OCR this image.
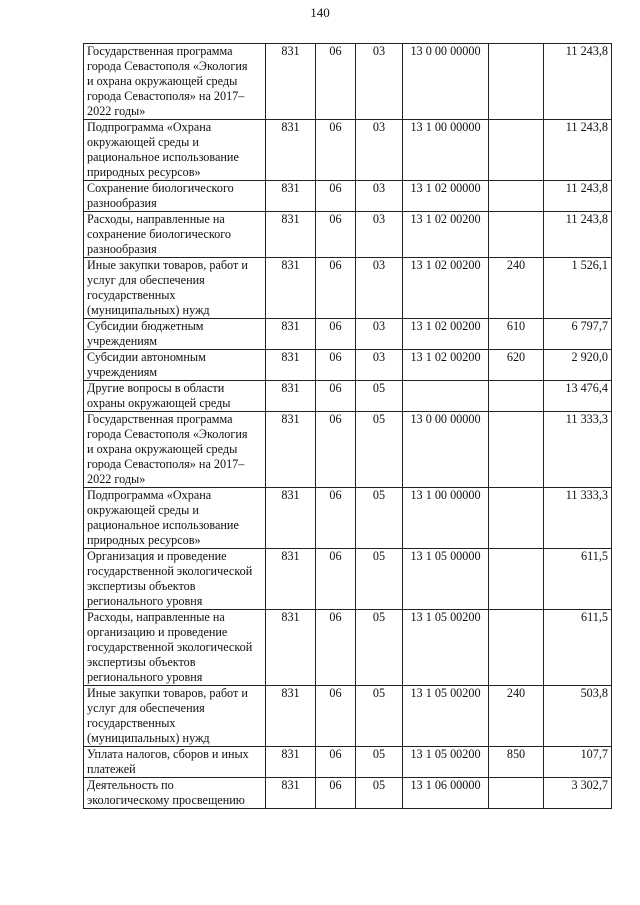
140
Государственная программа
города Севастополя «Экология
и охрана окружающей среды
города Севастополя» на 2017–
2022 годы»	831	06	03	13 0 00 00000		11 243,8

Подпрограмма «Охрана
окружающей среды и
рациональное использование
природных ресурсов»	831	06	03	13 1 00 00000		11 243,8

Сохранение биологического
разнообразия	831	06	03	13 1 02 00000		11 243,8

Расходы, направленные на
сохранение биологического
разнообразия	831	06	03	13 1 02 00200		11 243,8

Иные закупки товаров, работ и
услуг для обеспечения
государственных
(муниципальных) нужд	831	06	03	13 1 02 00200	240	1 526,1

Субсидии бюджетным
учреждениям	831	06	03	13 1 02 00200	610	6 797,7

Субсидии автономным
учреждениям	831	06	03	13 1 02 00200	620	2 920,0

Другие вопросы в области
охраны окружающей среды	831	06	05			13 476,4

Государственная программа
города Севастополя «Экология
и охрана окружающей среды
города Севастополя» на 2017–
2022 годы»	831	06	05	13 0 00 00000		11 333,3

Подпрограмма «Охрана
окружающей среды и
рациональное использование
природных ресурсов»	831	06	05	13 1 00 00000		11 333,3

Организация и проведение
государственной экологической
экспертизы объектов
регионального уровня	831	06	05	13 1 05 00000		611,5

Расходы, направленные на
организацию и проведение
государственной экологической
экспертизы объектов
регионального уровня	831	06	05	13 1 05 00200		611,5

Иные закупки товаров, работ и
услуг для обеспечения
государственных
(муниципальных) нужд	831	06	05	13 1 05 00200	240	503,8

Уплата налогов, сборов и иных
платежей	831	06	05	13 1 05 00200	850	107,7

Деятельность по
экологическому просвещению	831	06	05	13 1 06 00000		3 302,7
